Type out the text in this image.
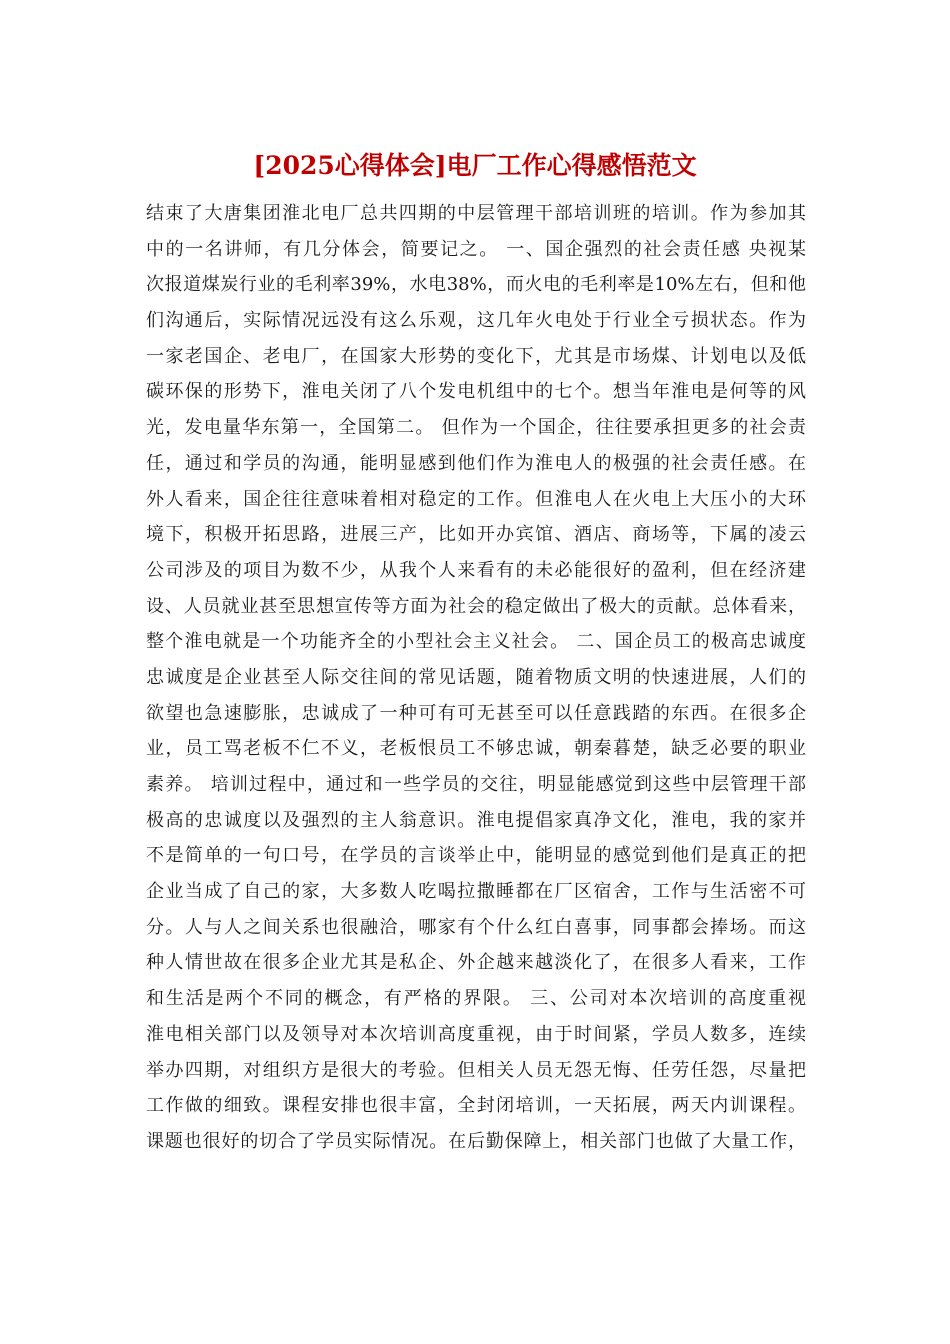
[2025心得体会]电厂工作心得感悟范文
结束了大唐集团淮北电厂总共四期的中层管理干部培训班的培训。作为参加其
中的一名讲师，有几分体会，简要记之。 一、国企强烈的社会责任感 央视某
次报道煤炭行业的毛利率39%，水电38%，而火电的毛利率是10%左右，但和他
们沟通后，实际情况远没有这么乐观，这几年火电处于行业全亏损状态。作为
一家老国企、老电厂，在国家大形势的变化下，尤其是市场煤、计划电以及低
碳环保的形势下，淮电关闭了八个发电机组中的七个。想当年淮电是何等的风
光，发电量华东第一，全国第二。 但作为一个国企，往往要承担更多的社会责
任，通过和学员的沟通，能明显感到他们作为淮电人的极强的社会责任感。在
外人看来，国企往往意味着相对稳定的工作。但淮电人在火电上大压小的大环
境下，积极开拓思路，进展三产，比如开办宾馆、酒店、商场等，下属的凌云
公司涉及的项目为数不少，从我个人来看有的未必能很好的盈利，但在经济建
设、人员就业甚至思想宣传等方面为社会的稳定做出了极大的贡献。总体看来，
整个淮电就是一个功能齐全的小型社会主义社会。 二、国企员工的极高忠诚度
忠诚度是企业甚至人际交往间的常见话题，随着物质文明的快速进展，人们的
欲望也急速膨胀，忠诚成了一种可有可无甚至可以任意践踏的东西。在很多企
业，员工骂老板不仁不义，老板恨员工不够忠诚，朝秦暮楚，缺乏必要的职业
素养。 培训过程中，通过和一些学员的交往，明显能感觉到这些中层管理干部
极高的忠诚度以及强烈的主人翁意识。淮电提倡家真净文化，淮电，我的家并
不是简单的一句口号，在学员的言谈举止中，能明显的感觉到他们是真正的把
企业当成了自己的家，大多数人吃喝拉撒睡都在厂区宿舍，工作与生活密不可
分。人与人之间关系也很融洽，哪家有个什么红白喜事，同事都会捧场。而这
种人情世故在很多企业尤其是私企、外企越来越淡化了，在很多人看来，工作
和生活是两个不同的概念，有严格的界限。 三、公司对本次培训的高度重视
淮电相关部门以及领导对本次培训高度重视，由于时间紧，学员人数多，连续
举办四期，对组织方是很大的考验。但相关人员无怨无悔、任劳任怨，尽量把
工作做的细致。课程安排也很丰富，全封闭培训，一天拓展，两天内训课程。
课题也很好的切合了学员实际情况。在后勤保障上，相关部门也做了大量工作，
